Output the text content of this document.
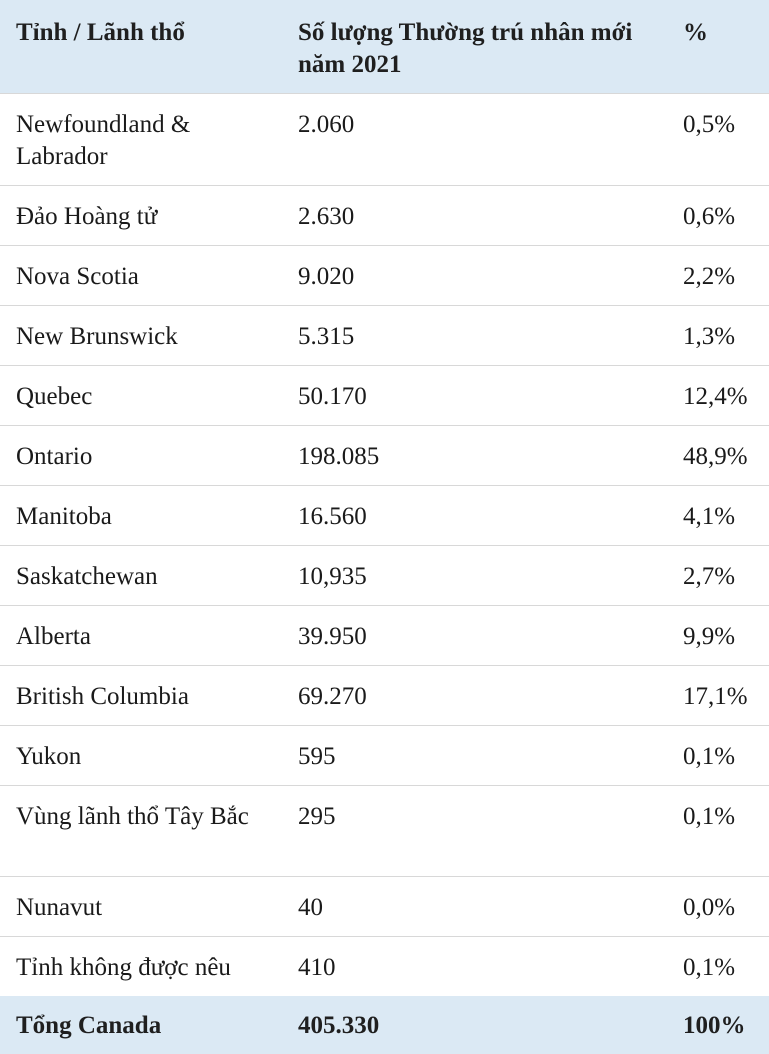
Tỉnh / Lãnh thổ	Số lượng Thường trú nhân mới năm 2021	%
Newfoundland & Labrador	2.060	0,5%
Đảo Hoàng tử	2.630	0,6%
Nova Scotia	9.020	2,2%
New Brunswick	5.315	1,3%
Quebec	50.170	12,4%
Ontario	198.085	48,9%
Manitoba	16.560	4,1%
Saskatchewan	10,935	2,7%
Alberta	39.950	9,9%
British Columbia	69.270	17,1%
Yukon	595	0,1%
Vùng lãnh thổ Tây Bắc	295	0,1%
Nunavut	40	0,0%
Tỉnh không được nêu	410	0,1%
Tổng Canada	405.330	100%
